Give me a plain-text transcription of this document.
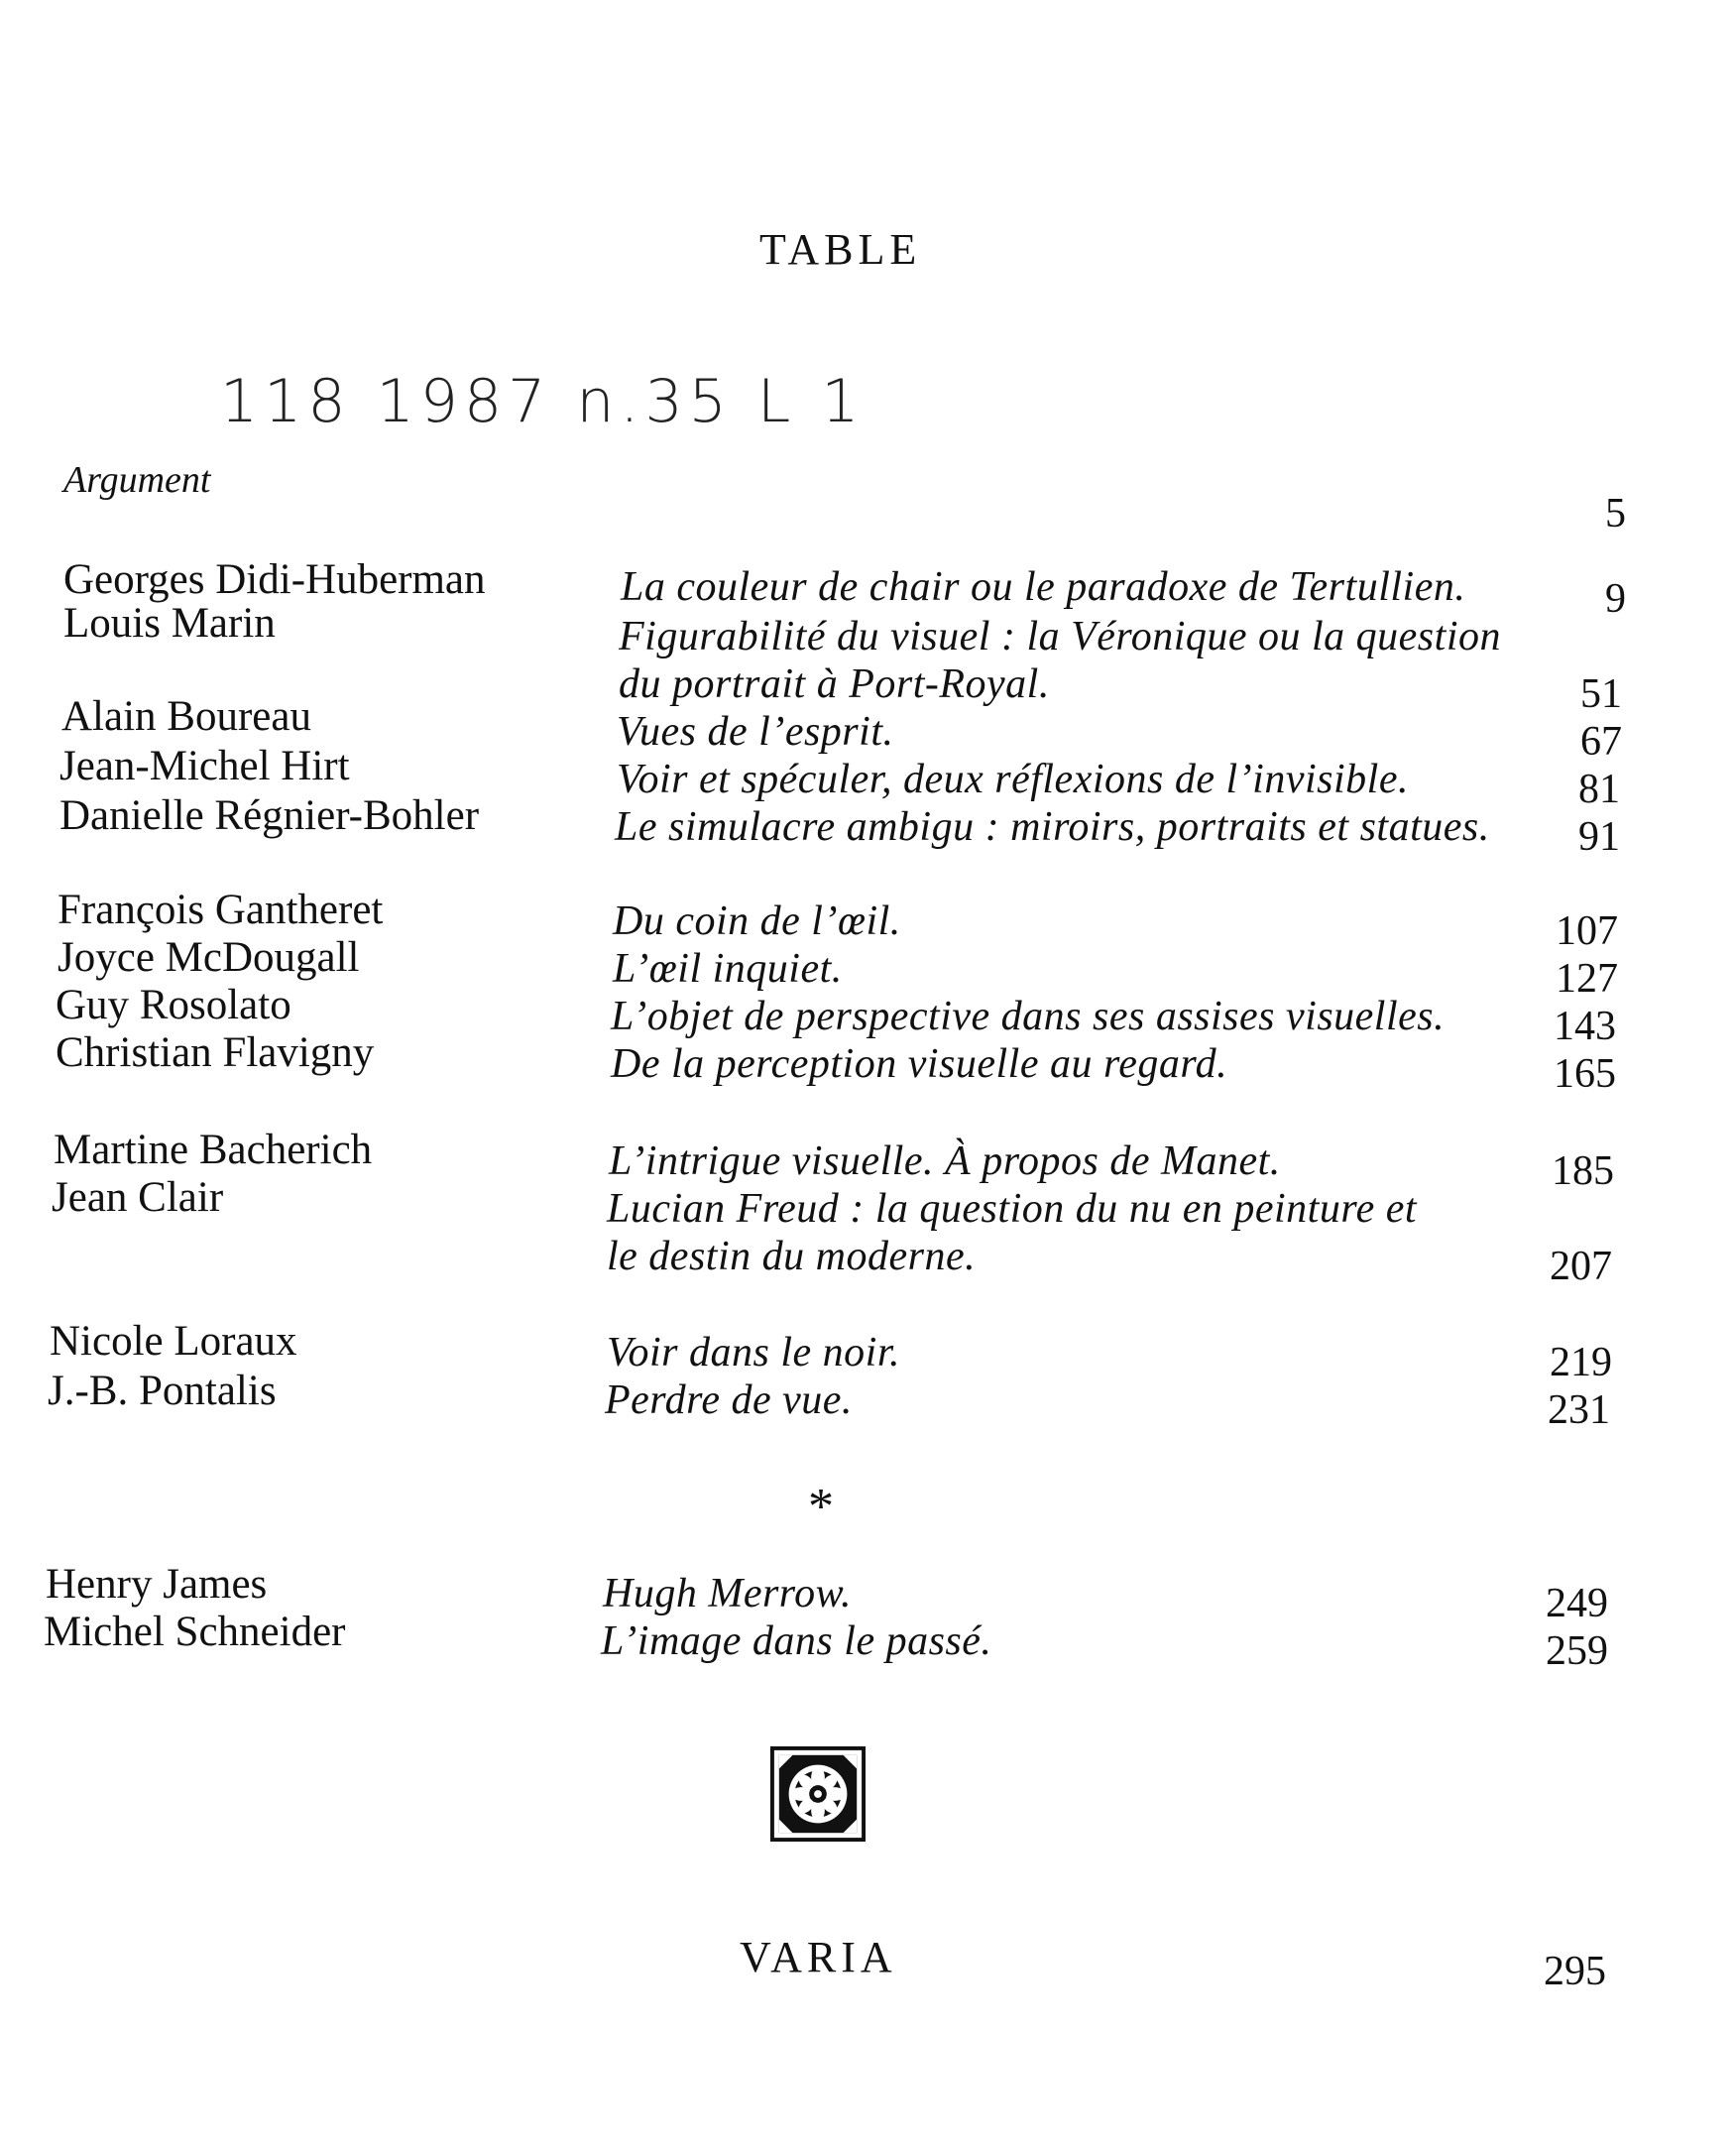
TABLE
118 1987 n.35 L 1
Argument
5
Georges Didi-Huberman
Louis Marin
Alain Boureau
Jean-Michel Hirt
Danielle Régnier-Bohler
François Gantheret
Joyce McDougall
Guy Rosolato
Christian Flavigny
Martine Bacherich
Jean Clair
Nicole Loraux
J.-B. Pontalis
Henry James
Michel Schneider
La couleur de chair ou le paradoxe de Tertullien.
Figurabilité du visuel : la Véronique ou la question
du portrait à Port-Royal.
Vues de l’esprit.
Voir et spéculer, deux réflexions de l’invisible.
Le simulacre ambigu : miroirs, portraits et statues.
Du coin de l’œil.
L’œil inquiet.
L’objet de perspective dans ses assises visuelles.
De la perception visuelle au regard.
L’intrigue visuelle. À propos de Manet.
Lucian Freud : la question du nu en peinture et
le destin du moderne.
Voir dans le noir.
Perdre de vue.
Hugh Merrow.
L’image dans le passé.
9
51
67
81
91
107
127
143
165
185
207
219
231
249
259
*
VARIA	295
